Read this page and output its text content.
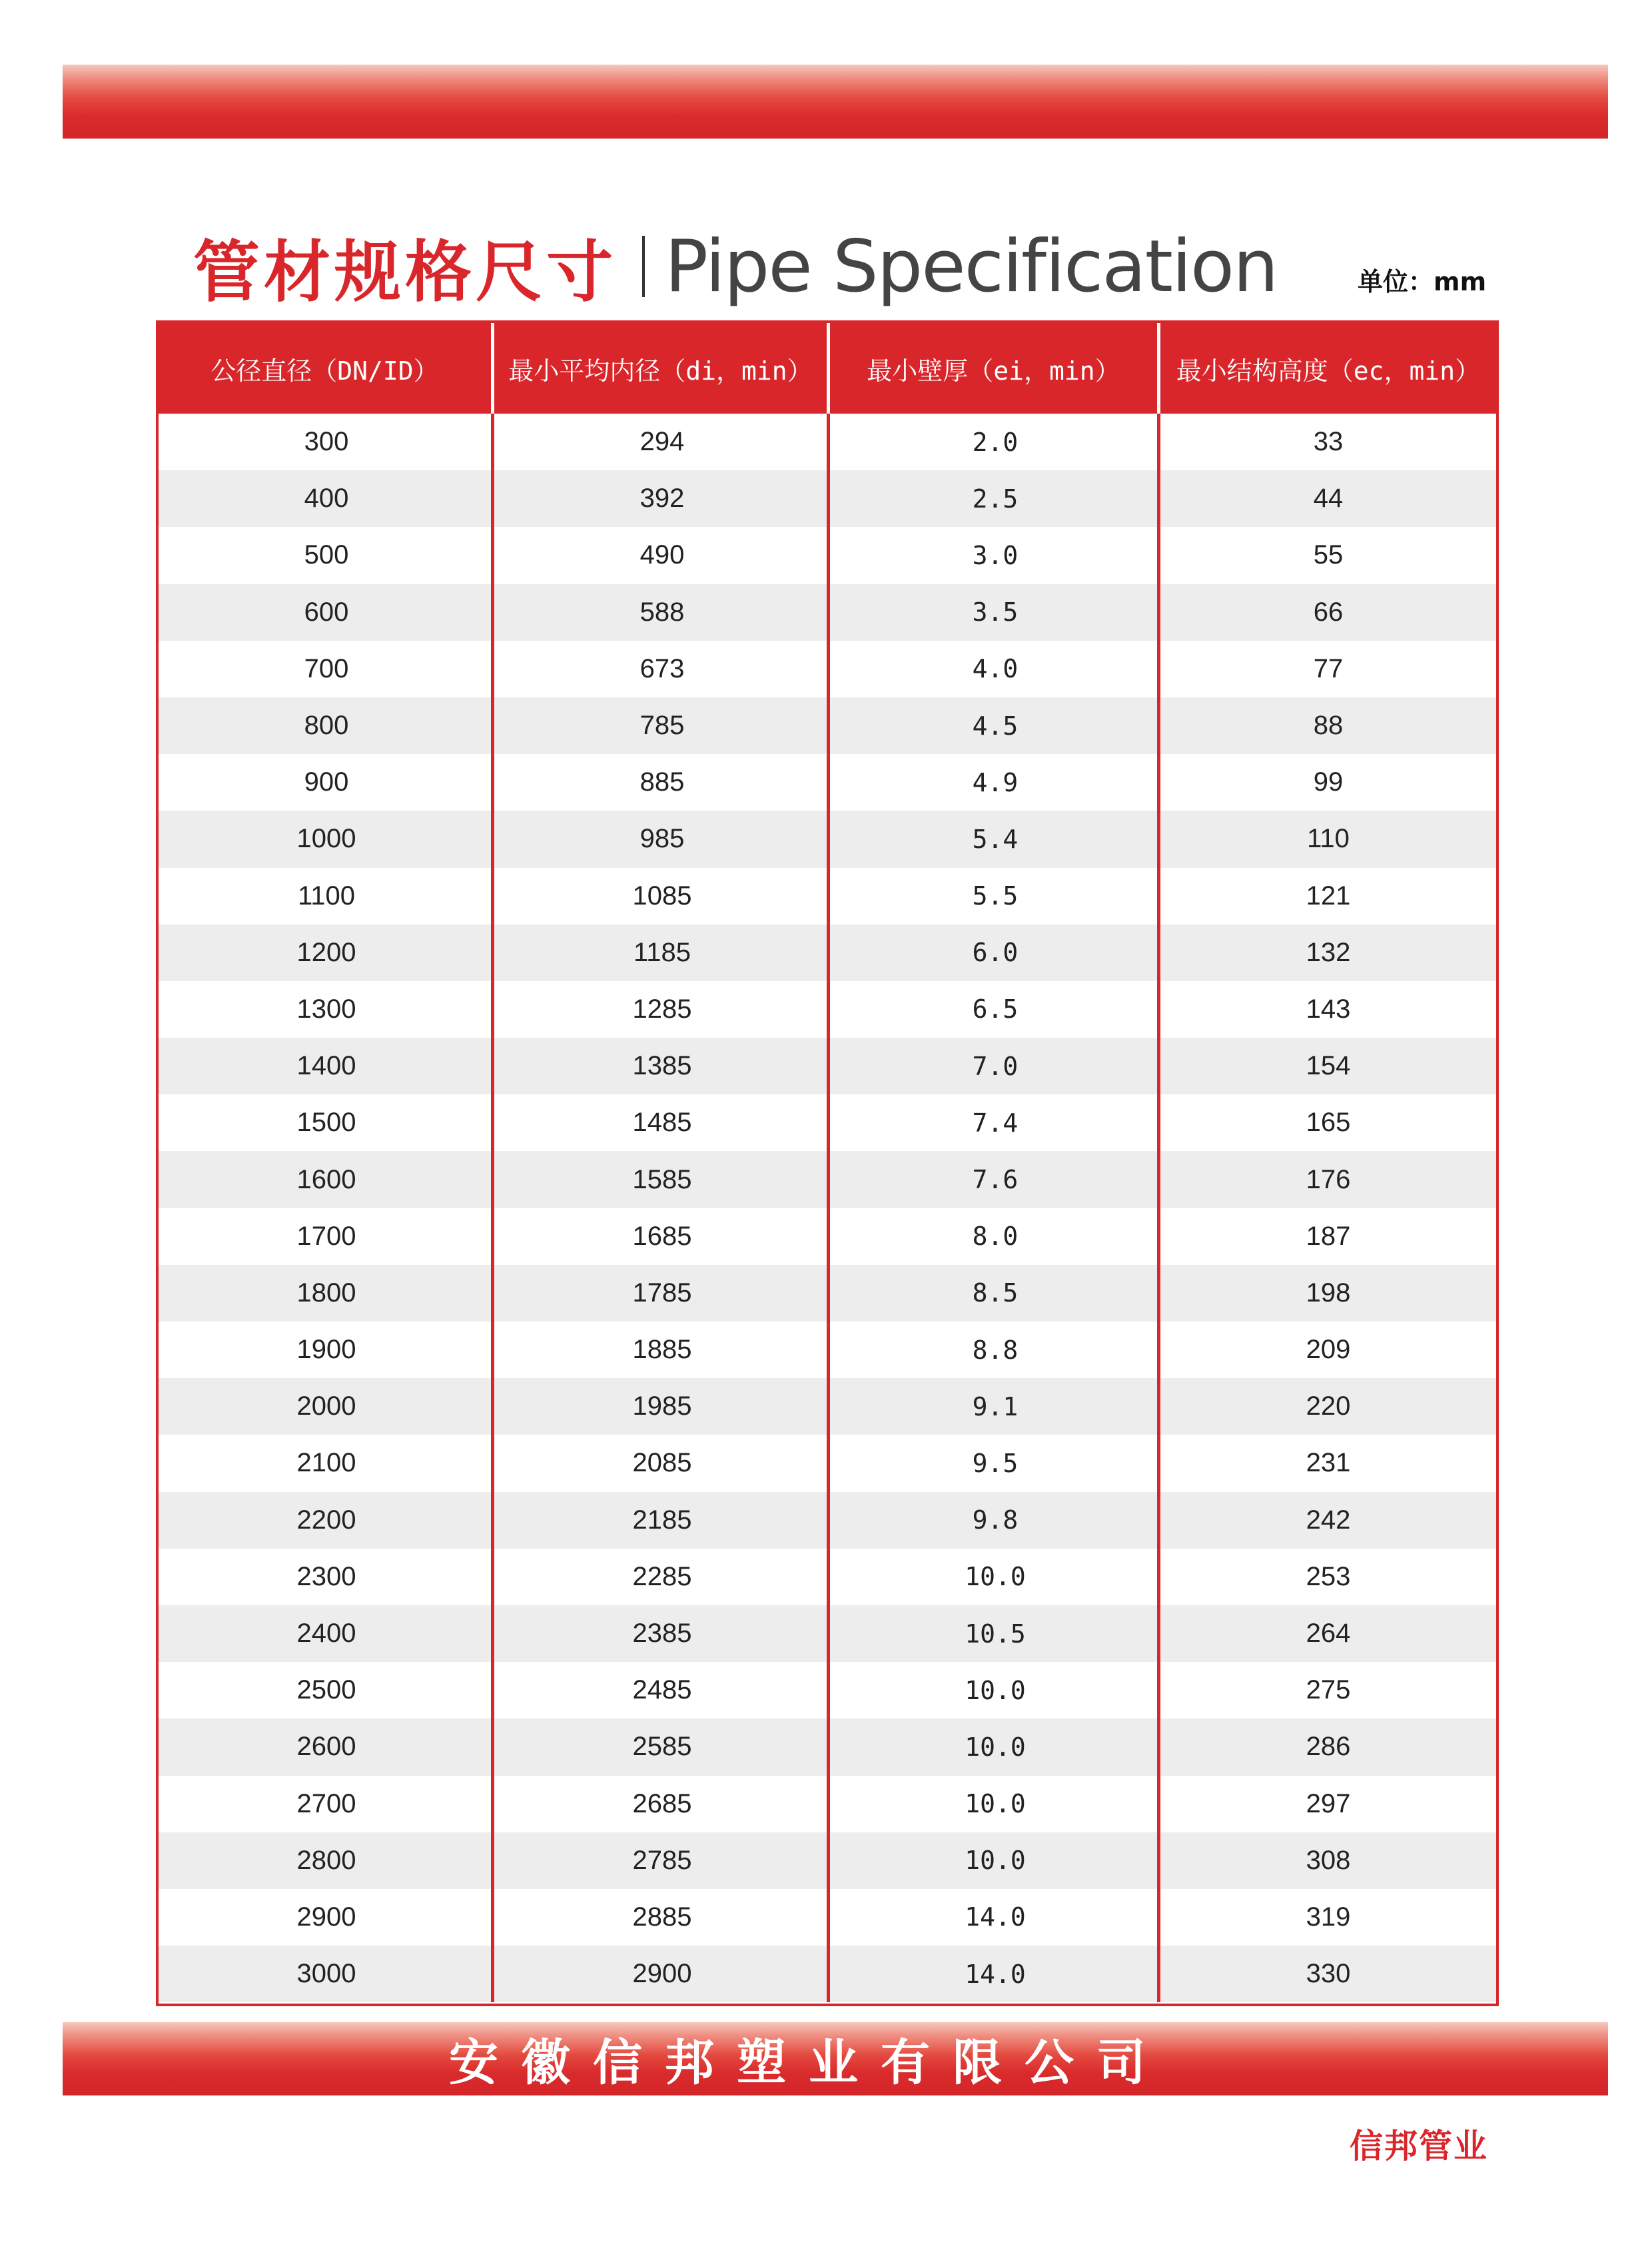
管材规格尺寸 Pipe Specification	单位：mm
公径直径（DN/ID）	最小平均内径（di，min）	最小壁厚（ei，min）	最小结构高度（ec，min）
300	294	2.0	33
400	392	2.5	44
500	490	3.0	55
600	588	3.5	66
700	673	4.0	77
800	785	4.5	88
900	885	4.9	99
1000	985	5.4	110
1100	1085	5.5	121
1200	1185	6.0	132
1300	1285	6.5	143
1400	1385	7.0	154
1500	1485	7.4	165
1600	1585	7.6	176
1700	1685	8.0	187
1800	1785	8.5	198
1900	1885	8.8	209
2000	1985	9.1	220
2100	2085	9.5	231
2200	2185	9.8	242
2300	2285	10.0	253
2400	2385	10.5	264
2500	2485	10.0	275
2600	2585	10.0	286
2700	2685	10.0	297
2800	2785	10.0	308
2900	2885	14.0	319
3000	2900	14.0	330
安徽信邦塑业有限公司
信邦管业
